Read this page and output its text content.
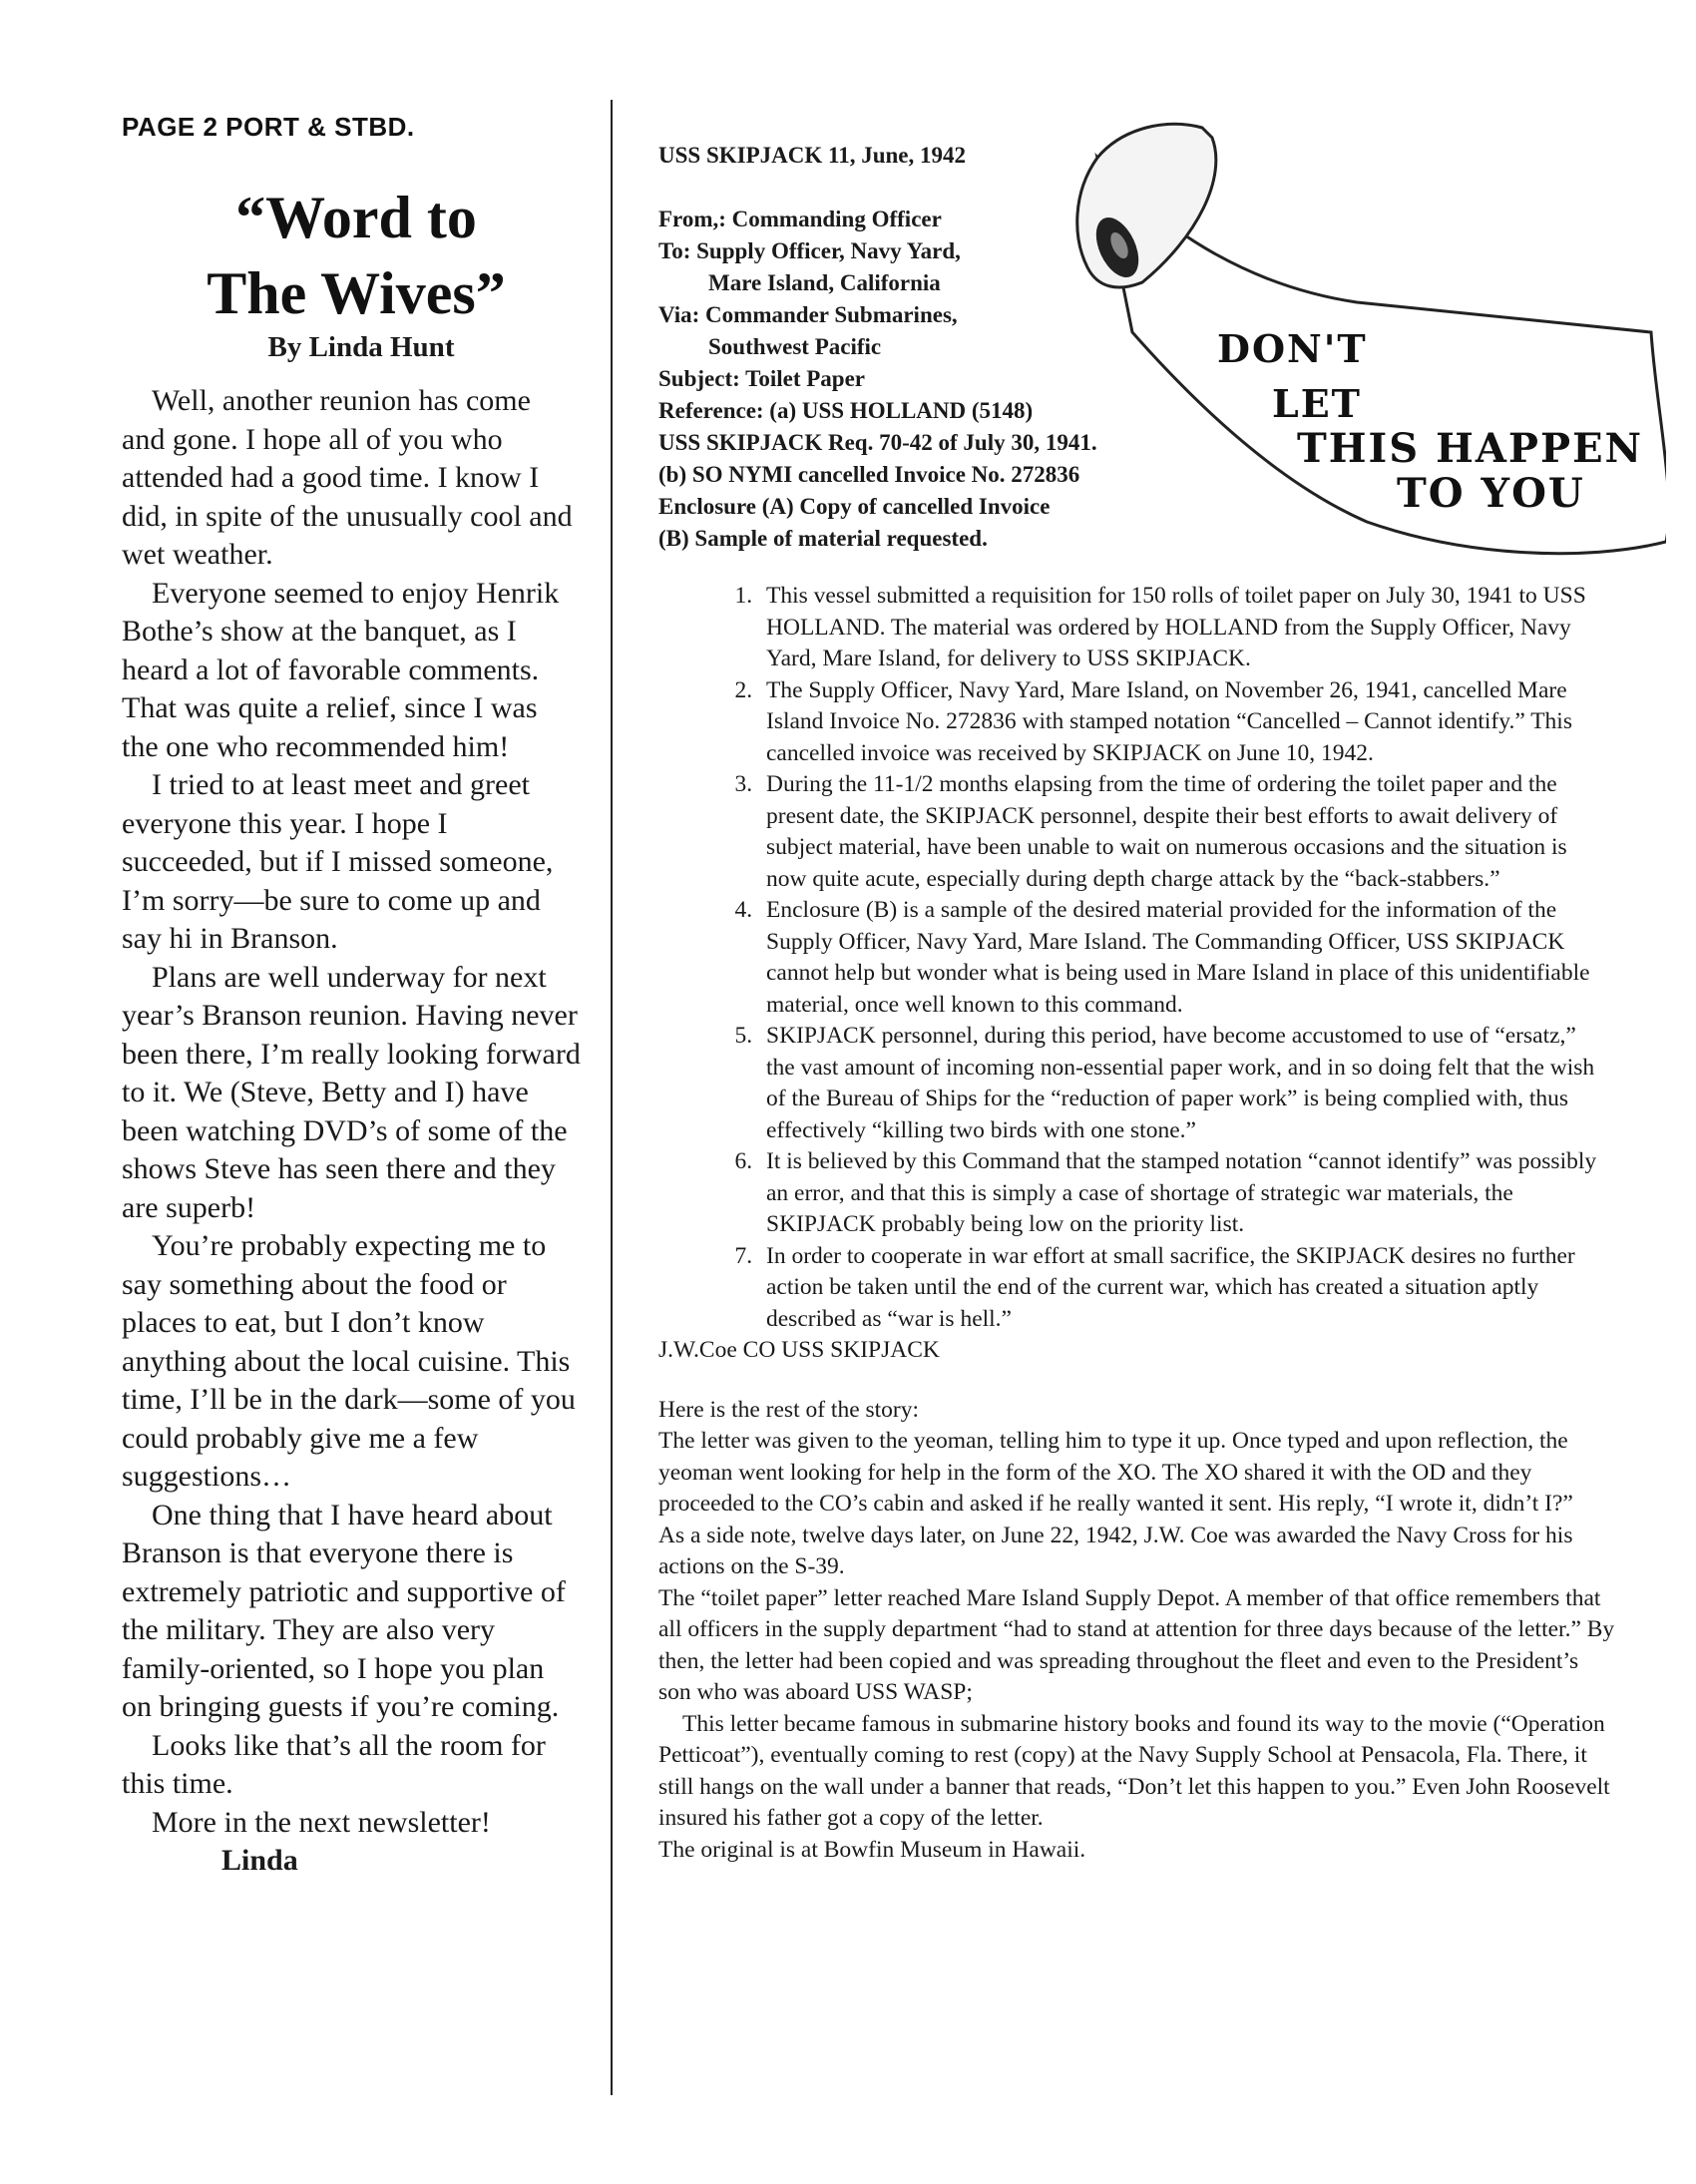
PAGE 2 PORT & STBD.
“Word to
The Wives”
By Linda Hunt

Well, another reunion has come and gone. I hope all of you who attended had a good time. I know I did, in spite of the unusually cool and wet weather.

Everyone seemed to enjoy Henrik Bothe’s show at the banquet, as I heard a lot of favorable comments. That was quite a relief, since I was the one who recommended him!

I tried to at least meet and greet everyone this year. I hope I succeeded, but if I missed someone, I’m sorry—be sure to come up and say hi in Branson.

Plans are well underway for next year’s Branson reunion. Having never been there, I’m really looking forward to it. We (Steve, Betty and I) have been watching DVD’s of some of the shows Steve has seen there and they are superb!

You’re probably expecting me to say something about the food or places to eat, but I don’t know anything about the local cuisine. This time, I’ll be in the dark—some of you could probably give me a few suggestions…

One thing that I have heard about Branson is that everyone there is extremely patriotic and supportive of the military. They are also very family-oriented, so I hope you plan on bringing guests if you’re coming.

Looks like that’s all the room for this time.

More in the next newsletter!

Linda
USS SKIPJACK 11, June, 1942
From,: Commanding Officer
To: Supply Officer, Navy Yard,
Mare Island, California
Via: Commander Submarines,
Southwest Pacific
Subject: Toilet Paper
Reference: (a) USS HOLLAND (5148)
USS SKIPJACK Req. 70-42 of July 30, 1941.
(b) SO NYMI cancelled Invoice No. 272836
Enclosure (A) Copy of cancelled Invoice
(B) Sample of material requested.
1. This vessel submitted a requisition for 150 rolls of toilet paper on July 30, 1941 to USS HOLLAND. The material was ordered by HOLLAND from the Supply Officer, Navy Yard, Mare Island, for delivery to USS SKIPJACK.
2. The Supply Officer, Navy Yard, Mare Island, on November 26, 1941, cancelled Mare Island Invoice No. 272836 with stamped notation “Cancelled – Cannot identify.” This cancelled invoice was received by SKIPJACK on June 10, 1942.
3. During the 11-1/2 months elapsing from the time of ordering the toilet paper and the present date, the SKIPJACK personnel, despite their best efforts to await delivery of subject material, have been unable to wait on numerous occasions and the situation is now quite acute, especially during depth charge attack by the “back-stabbers.”
4. Enclosure (B) is a sample of the desired material provided for the information of the Supply Officer, Navy Yard, Mare Island. The Commanding Officer, USS SKIPJACK cannot help but wonder what is being used in Mare Island in place of this unidentifiable material, once well known to this command.
5. SKIPJACK personnel, during this period, have become accustomed to use of “ersatz,” the vast amount of incoming non-essential paper work, and in so doing felt that the wish of the Bureau of Ships for the “reduction of paper work” is being complied with, thus effectively “killing two birds with one stone.”
6. It is believed by this Command that the stamped notation “cannot identify” was possibly an error, and that this is simply a case of shortage of strategic war materials, the SKIPJACK probably being low on the priority list.
7. In order to cooperate in war effort at small sacrifice, the SKIPJACK desires no further action be taken until the end of the current war, which has created a situation aptly described as “war is hell.”
J.W.Coe CO USS SKIPJACK

Here is the rest of the story:

The letter was given to the yeoman, telling him to type it up. Once typed and upon reflection, the yeoman went looking for help in the form of the XO. The XO shared it with the OD and they proceeded to the CO’s cabin and asked if he really wanted it sent. His reply, “I wrote it, didn’t I?”

As a side note, twelve days later, on June 22, 1942, J.W. Coe was awarded the Navy Cross for his actions on the S-39.

The “toilet paper” letter reached Mare Island Supply Depot. A member of that office remembers that all officers in the supply department “had to stand at attention for three days because of the letter.” By then, the letter had been copied and was spreading throughout the fleet and even to the President’s son who was aboard USS WASP;

This letter became famous in submarine history books and found its way to the movie (“Operation Petticoat”), eventually coming to rest (copy) at the Navy Supply School at Pensacola, Fla. There, it still hangs on the wall under a banner that reads, “Don’t let this happen to you.” Even John Roosevelt insured his father got a copy of the letter.

The original is at Bowfin Museum in Hawaii.

DON'T
LET
THIS HAPPEN
TO YOU
